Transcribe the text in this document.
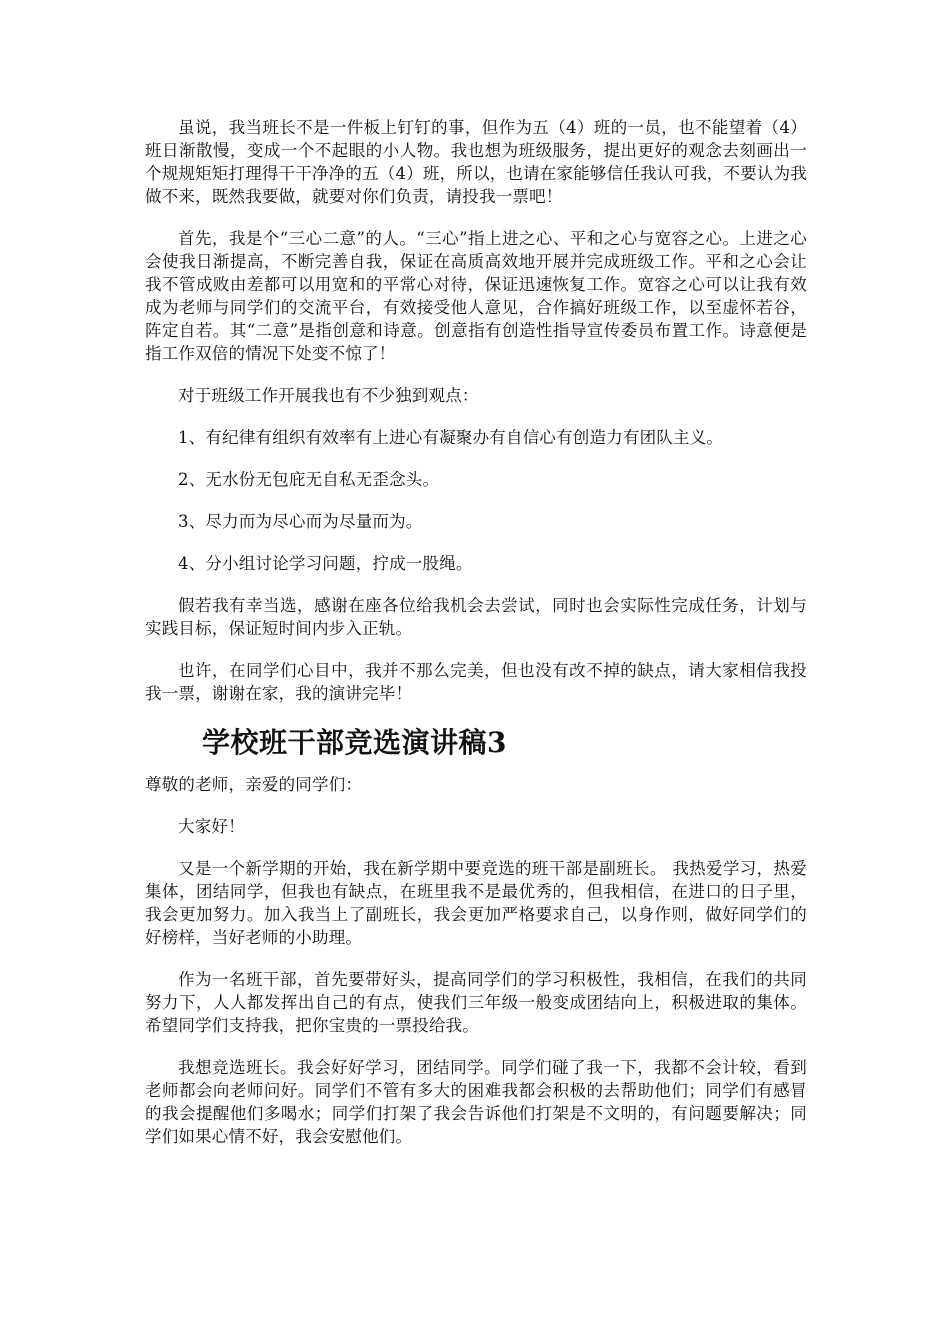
虽说，我当班长不是一件板上钉钉的事，但作为五（4）班的一员，也不能望着（4）班日渐散慢，变成一个不起眼的小人物。我也想为班级服务，提出更好的观念去刻画出一个规规矩矩打理得干干净净的五（4）班，所以，也请在家能够信任我认可我，不要认为我做不来，既然我要做，就要对你们负责，请投我一票吧！

首先，我是个“三心二意”的人。“三心”指上进之心、平和之心与宽容之心。上进之心会使我日渐提高，不断完善自我，保证在高质高效地开展并完成班级工作。平和之心会让我不管成败由差都可以用宽和的平常心对待，保证迅速恢复工作。宽容之心可以让我有效成为老师与同学们的交流平台，有效接受他人意见，合作搞好班级工作，以至虚怀若谷，阵定自若。其“二意”是指创意和诗意。创意指有创造性指导宣传委员布置工作。诗意便是指工作双倍的情况下处变不惊了！

对于班级工作开展我也有不少独到观点：

1、有纪律有组织有效率有上进心有凝聚办有自信心有创造力有团队主义。

2、无水份无包庇无自私无歪念头。

3、尽力而为尽心而为尽量而为。

4、分小组讨论学习问题，拧成一股绳。

假若我有幸当选，感谢在座各位给我机会去尝试，同时也会实际性完成任务，计划与实践目标，保证短时间内步入正轨。

也许，在同学们心目中，我并不那么完美，但也没有改不掉的缺点，请大家相信我投我一票，谢谢在家，我的演讲完毕！

学校班干部竞选演讲稿3

尊敬的老师，亲爱的同学们：

大家好！

又是一个新学期的开始，我在新学期中要竞选的班干部是副班长。 我热爱学习，热爱集体，团结同学，但我也有缺点，在班里我不是最优秀的，但我相信，在进口的日子里，我会更加努力。加入我当上了副班长，我会更加严格要求自己，以身作则，做好同学们的好榜样，当好老师的小助理。

作为一名班干部，首先要带好头，提高同学们的学习积极性，我相信，在我们的共同努力下，人人都发挥出自己的有点，使我们三年级一般变成团结向上，积极进取的集体。希望同学们支持我，把你宝贵的一票投给我。

我想竞选班长。我会好好学习，团结同学。同学们碰了我一下，我都不会计较，看到老师都会向老师问好。同学们不管有多大的困难我都会积极的去帮助他们；同学们有感冒的我会提醒他们多喝水；同学们打架了我会告诉他们打架是不文明的，有问题要解决；同学们如果心情不好，我会安慰他们。
